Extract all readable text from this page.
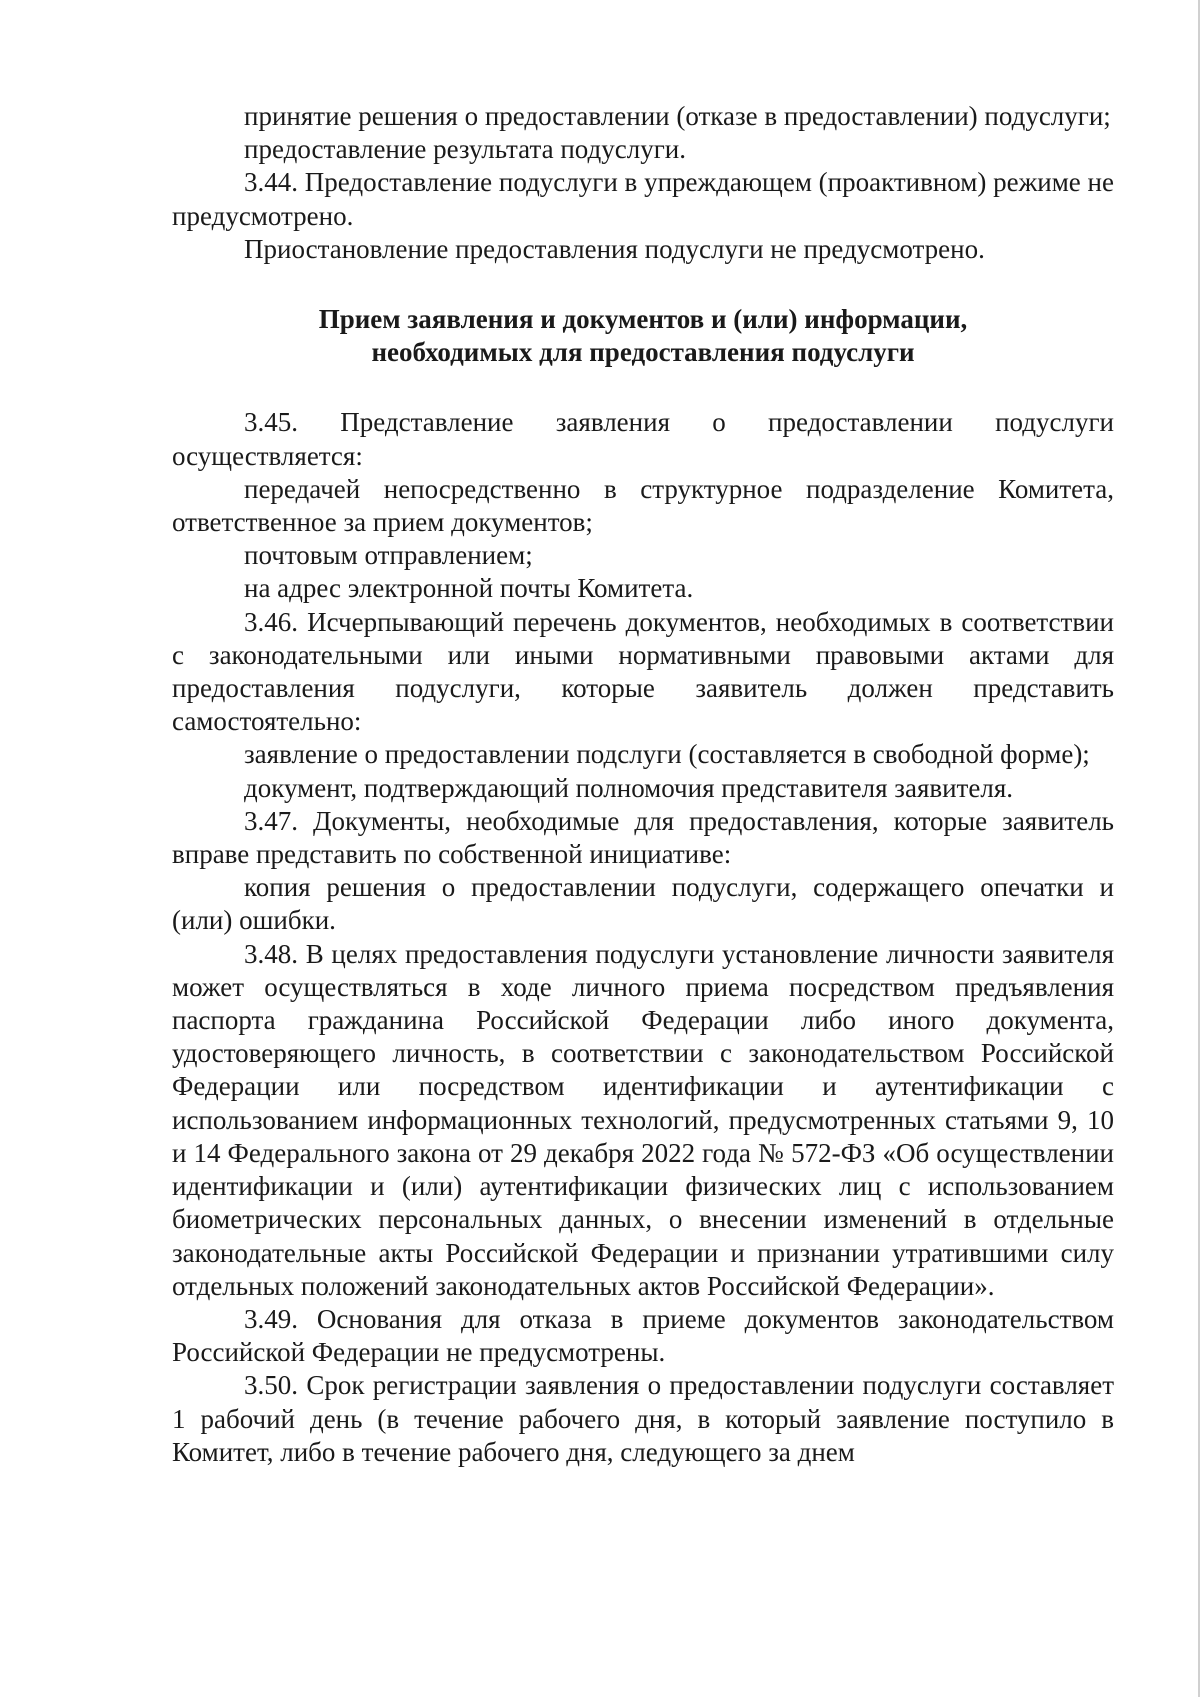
принятие решения о предоставлении (отказе в предоставлении) подуслуги;

предоставление результата подуслуги.

3.44. Предоставление подуслуги в упреждающем (проактивном) режиме не предусмотрено.

Приостановление предоставления подуслуги не предусмотрено.

Прием заявления и документов и (или) информации,
необходимых для предоставления подуслуги

3.45. Представление заявления о предоставлении подуслуги осуществляется:

передачей непосредственно в структурное подразделение Комитета, ответственное за прием документов;

почтовым отправлением;

на адрес электронной почты Комитета.

3.46. Исчерпывающий перечень документов, необходимых в соответствии с законодательными или иными нормативными правовыми актами для предоставления подуслуги, которые заявитель должен представить самостоятельно:

заявление о предоставлении подслуги (составляется в свободной форме);

документ, подтверждающий полномочия представителя заявителя.

3.47. Документы, необходимые для предоставления, которые заявитель вправе представить по собственной инициативе:

копия решения о предоставлении подуслуги, содержащего опечатки и (или) ошибки.

3.48. В целях предоставления подуслуги установление личности заявителя может осуществляться в ходе личного приема посредством предъявления паспорта гражданина Российской Федерации либо иного документа, удостоверяющего личность, в соответствии с законодательством Российской Федерации или посредством идентификации и аутентификации с использованием информационных технологий, предусмотренных статьями 9, 10 и 14 Федерального закона от 29 декабря 2022 года № 572-ФЗ «Об осуществлении идентификации и (или) аутентификации физических лиц с использованием биометрических персональных данных, о внесении изменений в отдельные законодательные акты Российской Федерации и признании утратившими силу отдельных положений законодательных актов Российской Федерации».

3.49. Основания для отказа в приеме документов законодательством Российской Федерации не предусмотрены.

3.50. Срок регистрации заявления о предоставлении подуслуги составляет 1 рабочий день (в течение рабочего дня, в который заявление поступило в Комитет, либо в течение рабочего дня, следующего за днем
